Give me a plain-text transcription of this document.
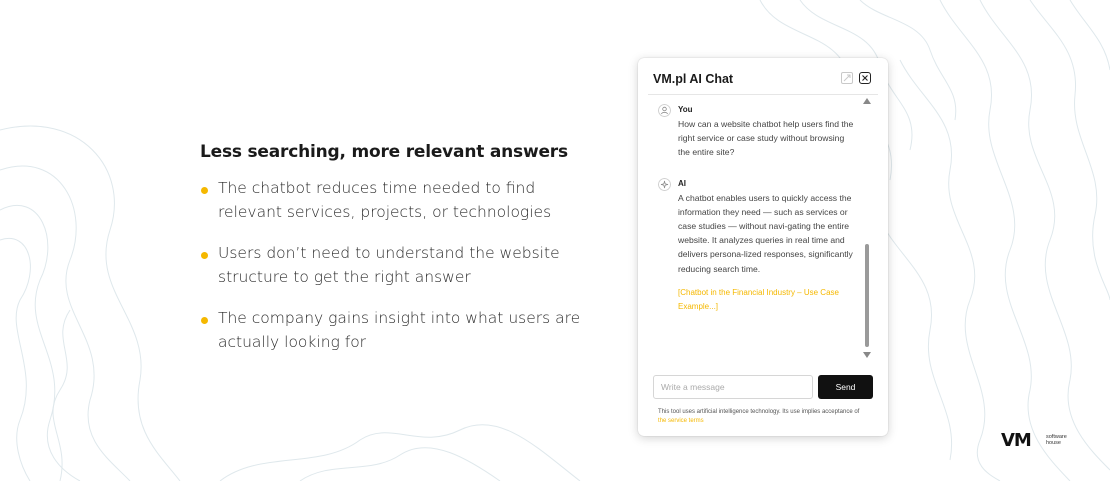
Less searching, more relevant answers
The chatbot reduces time needed to find relevant services, projects, or technologies
Users don’t need to understand the website structure to get the right answer
The company gains insight into what users are actually looking for
VM.pl AI Chat
You
How can a website chatbot help users find the right service or case study without browsing the entire site?
AI
A chatbot enables users to quickly access the information they need — such as services or case studies — without navi-gating the entire website. It analyzes queries in real time and delivers persona-lized responses, significantly reducing search time.
[Chatbot in the Financial Industry – Use Case Example...]
Write a message	Send
This tool uses artificial intelligence technology. Its use implies acceptance of the service terms
VM	software
house
